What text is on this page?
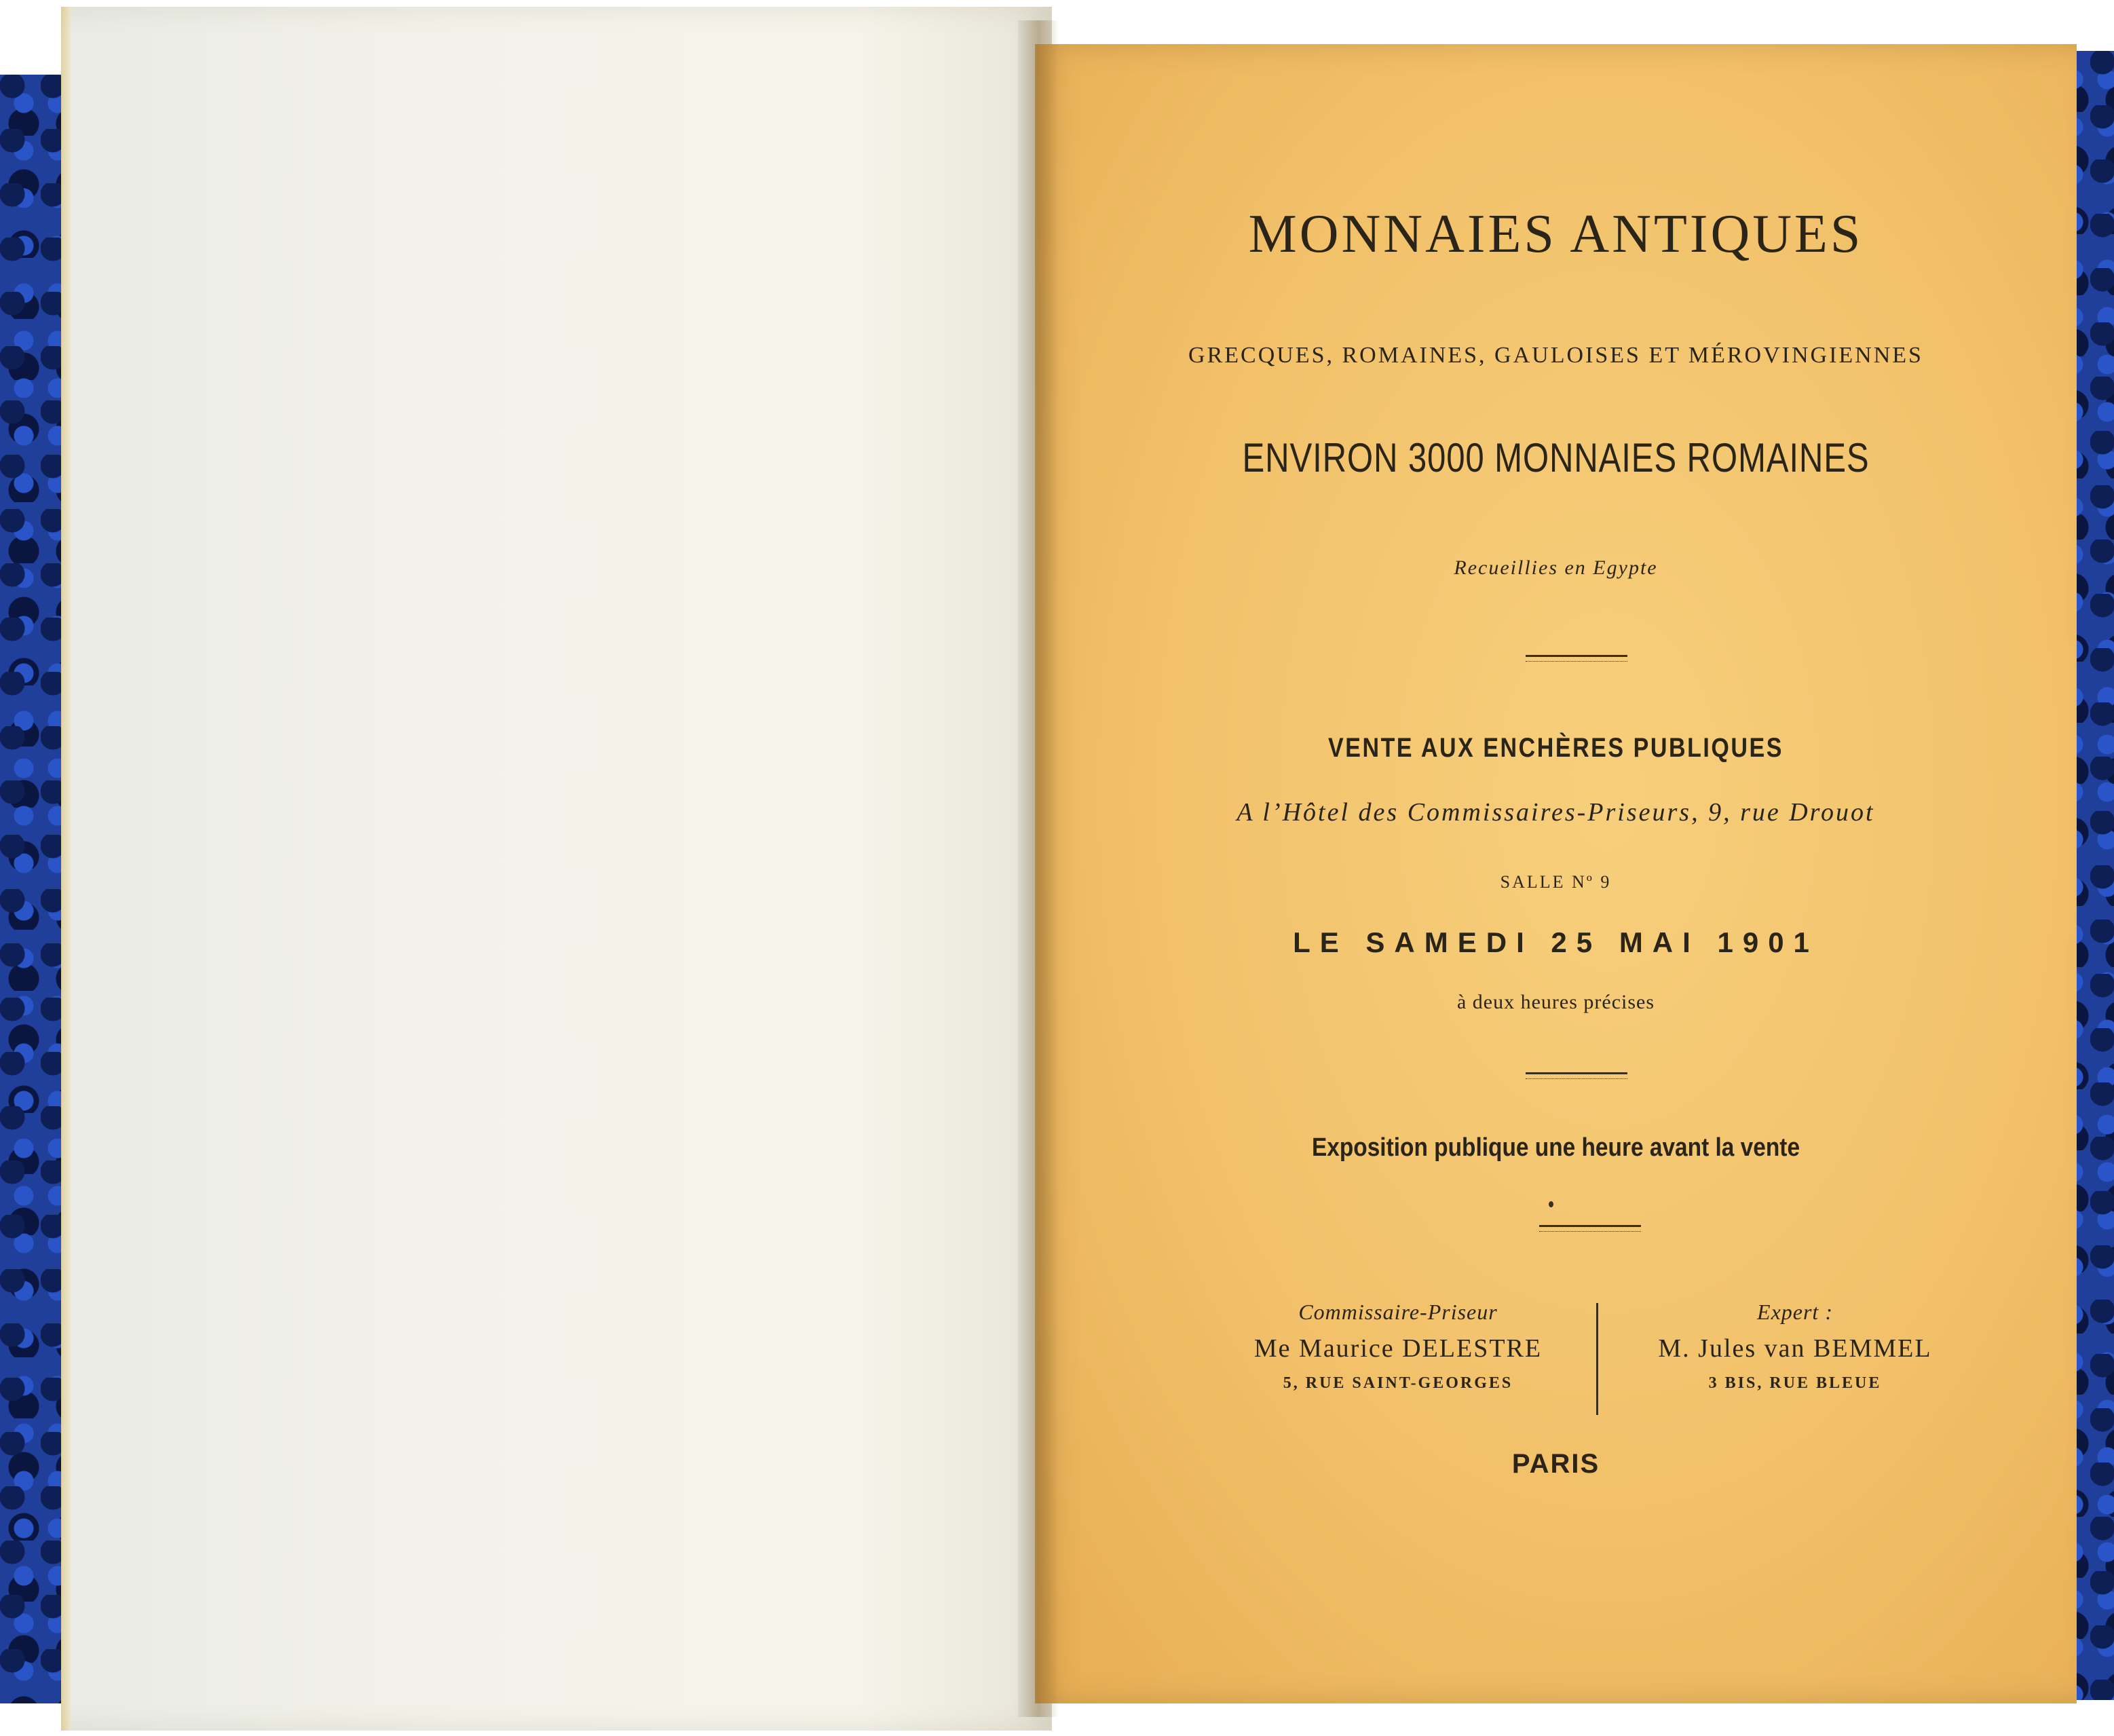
MONNAIES ANTIQUES
GRECQUES, ROMAINES, GAULOISES ET MÉROVINGIENNES
ENVIRON 3000 MONNAIES ROMAINES
Recueillies en Egypte
VENTE AUX ENCHÈRES PUBLIQUES
A l’Hôtel des Commissaires-Priseurs, 9, rue Drouot
SALLE Nº 9
LE SAMEDI 25 MAI 1901
à deux heures précises
Exposition publique une heure avant la vente
Commissaire-Priseur
Me Maurice DELESTRE
5, RUE SAINT-GEORGES
Expert :
M. Jules van BEMMEL
3 BIS, RUE BLEUE
PARIS
